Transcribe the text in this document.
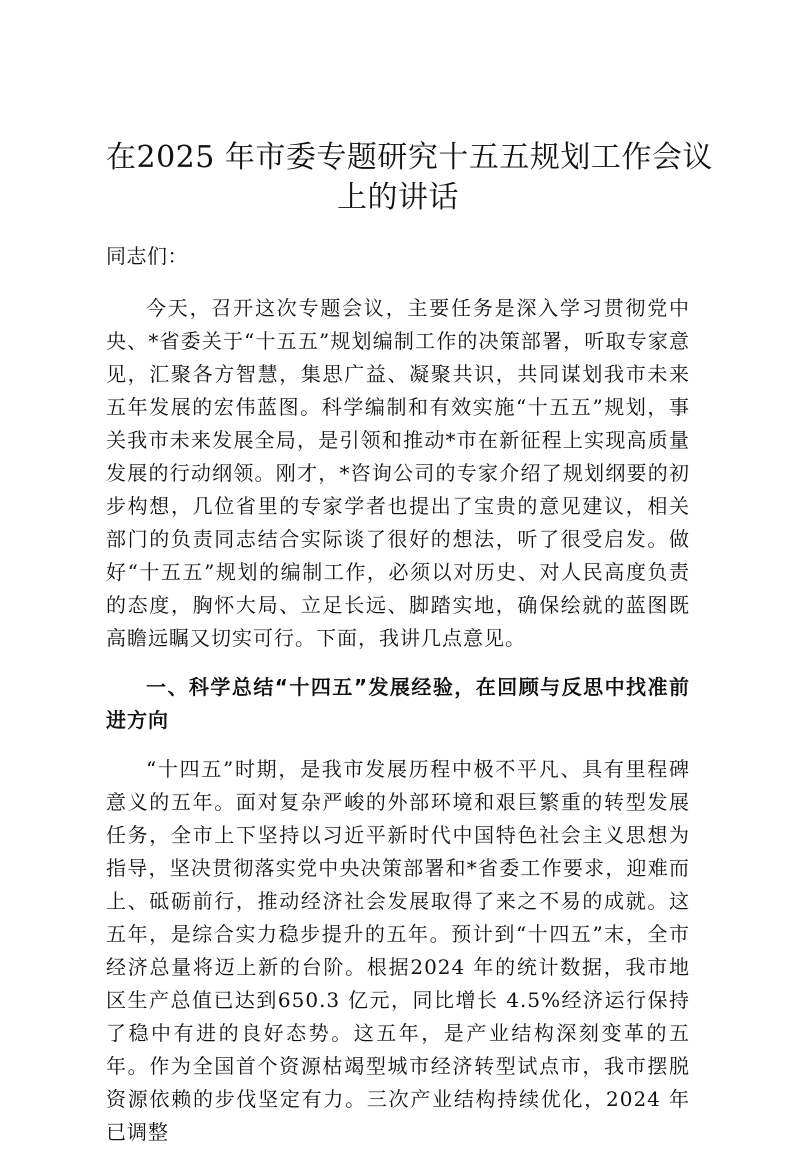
在2025 年市委专题研究十五五规划工作会议
上的讲话

同志们：

今天，召开这次专题会议，主要任务是深入学习贯彻党中央、*省委关于“十五五”规划编制工作的决策部署，听取专家意见，汇聚各方智慧，集思广益、凝聚共识，共同谋划我市未来五年发展的宏伟蓝图。科学编制和有效实施“十五五”规划，事关我市未来发展全局，是引领和推动*市在新征程上实现高质量发展的行动纲领。刚才，*咨询公司的专家介绍了规划纲要的初步构想，几位省里的专家学者也提出了宝贵的意见建议，相关部门的负责同志结合实际谈了很好的想法，听了很受启发。做好“十五五”规划的编制工作，必须以对历史、对人民高度负责的态度，胸怀大局、立足长远、脚踏实地，确保绘就的蓝图既高瞻远瞩又切实可行。下面，我讲几点意见。

一、科学总结“十四五”发展经验，在回顾与反思中找准前进方向

“十四五”时期，是我市发展历程中极不平凡、具有里程碑意义的五年。面对复杂严峻的外部环境和艰巨繁重的转型发展任务，全市上下坚持以习近平新时代中国特色社会主义思想为指导，坚决贯彻落实党中央决策部署和*省委工作要求，迎难而上、砥砺前行，推动经济社会发展取得了来之不易的成就。这五年，是综合实力稳步提升的五年。预计到“十四五”末，全市经济总量将迈上新的台阶。根据2024 年的统计数据，我市地区生产总值已达到650.3 亿元，同比增长 4.5%经济运行保持了稳中有进的良好态势。这五年，是产业结构深刻变革的五年。作为全国首个资源枯竭型城市经济转型试点市，我市摆脱资源依赖的步伐坚定有力。三次产业结构持续优化，2024 年已调整
